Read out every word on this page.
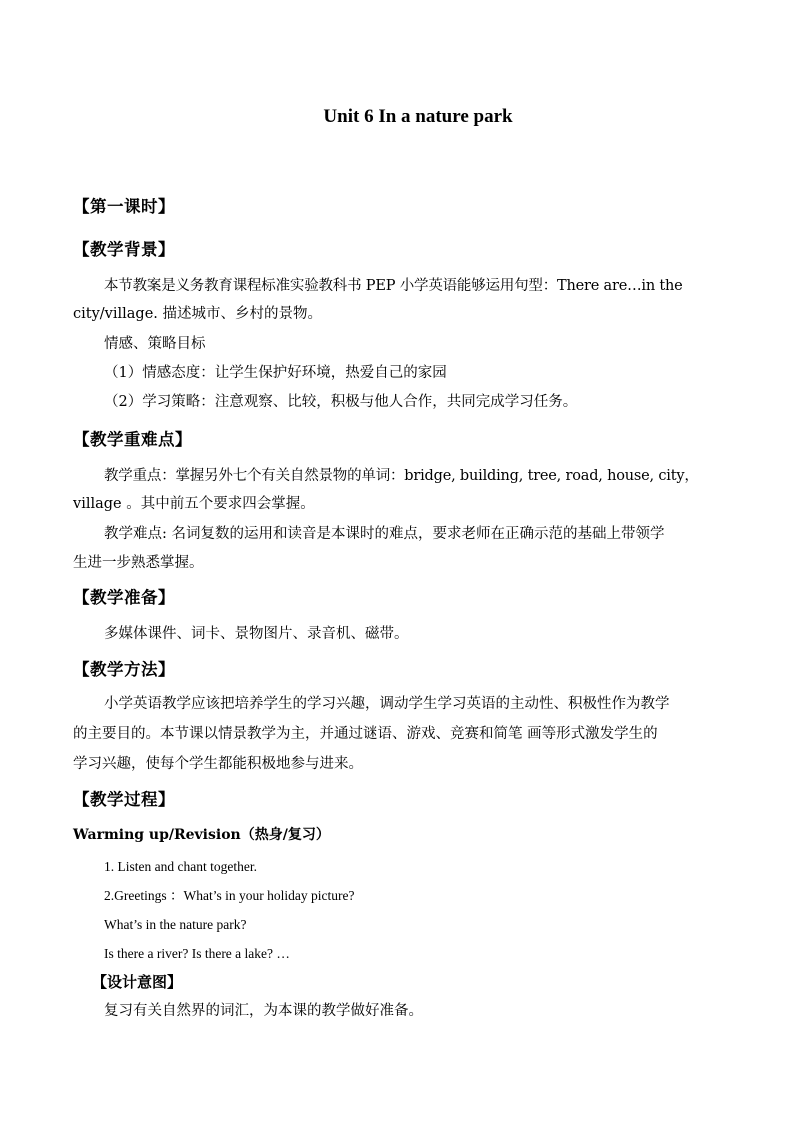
Unit 6 In a nature park
【第一课时】
【教学背景】
本节教案是义务教育课程标准实验教科书 PEP 小学英语能够运用句型：There are…in the
city/village. 描述城市、乡村的景物。
情感、策略目标
（1）情感态度：让学生保护好环境，热爱自己的家园
（2）学习策略：注意观察、比较，积极与他人合作，共同完成学习任务。
【教学重难点】
教学重点：掌握另外七个有关自然景物的单词：bridge, building, tree, road, house, city，
village 。其中前五个要求四会掌握。
教学难点: 名词复数的运用和读音是本课时的难点，要求老师在正确示范的基础上带领学
生进一步熟悉掌握。
【教学准备】
多媒体课件、词卡、景物图片、录音机、磁带。
【教学方法】
小学英语教学应该把培养学生的学习兴趣，调动学生学习英语的主动性、积极性作为教学
的主要目的。本节课以情景教学为主，并通过谜语、游戏、竞赛和简笔 画等形式激发学生的
学习兴趣，使每个学生都能积极地参与进来。
【教学过程】
Warming up/Revision（热身/复习）
1. Listen and chant together.
2.Greetings ：What’s in your holiday picture?
What’s in the nature park?
Is there a river? Is there a lake? …
【设计意图】
复习有关自然界的词汇，为本课的教学做好准备。
